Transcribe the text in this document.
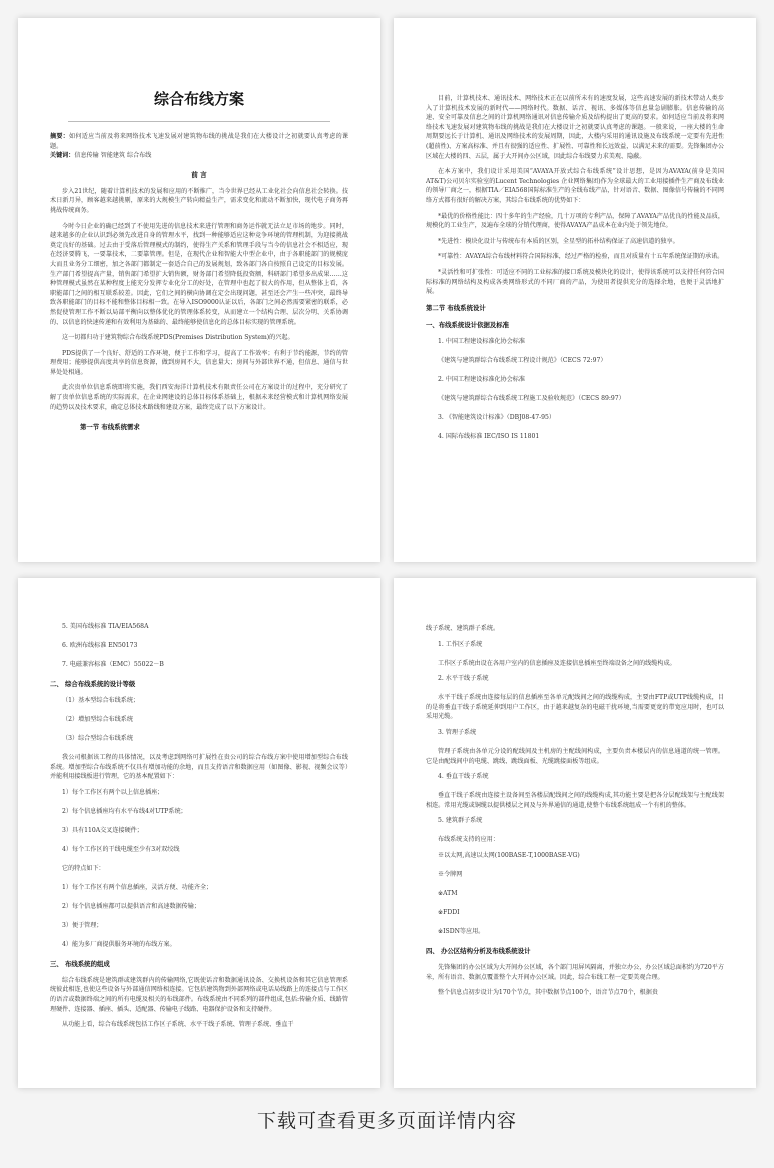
综合布线方案

摘要：如何适应当前及将来网络技术飞速发展对建筑物布线的挑战是我们在大楼设计之初就要认真考虑的课题。
关键词：信息传输 智能建筑 综合布线

前 言

步入21世纪，随着计算机技术的发展和应用的不断推广，当今世界已经从工业化社会向信息社会转换。技术日新月异，顾客越来越挑剔，原来的大规模生产转向精益生产，需求变化和流动不断加快，现代电子商务再挑战传统商务。

今时今日企业的确已经到了不使用先进的信息技术来进行管理和商务运作就无法立足市场的地步。同时，越来越多的企业认识到必须先改进自身的管理水平，找到一种能够适应这种竞争环境的管理机制，为迎接挑战奠定良好的基础。过去由于受落后管理模式的制约，使得生产关系和管理手段与当今的信息社会不相适应，现在经济要腾飞，一要靠技术，二要靠管理。但是，在现代企业和智能大中型企业中，由于各职能部门的规模庞大而且业务分工细密，加之各部门都制定一套适合自己的发展规划，致各部门各自按照自己设定的目标发展。生产部门希望提高产量，销售部门希望扩大销售额，财务部门希望降低投资额，科研部门希望多出成果……这种管理模式虽然在某种程度上能充分发挥专业化分工的好处，在管理中也起了很大的作用，但从整体上看，各职能部门之间的相互联系较差。因此，它们之间的横向协调在定会出现问题，甚至还会产生一些冲突，最终导致各职能部门的目标不能和整体目标相一致。在导入ISO9000认证以后，各部门之间必然需要紧密的联系，必然促使管理工作不断以局部平衡向以整体优化的管理体系转变，从而建立一个结构合理、层次分明、关系协调的、以信息的快速传递和有效利用为基础的、最终能够使信息化的总体目标实现的管理系统。

这一切都归功于建筑物综合布线系统PDS(Premises Distribution System)的兴起。

PDS提供了一个良好、舒适的工作环境，便于工作和学习，提高了工作效率；有利于节约能源，节约的管理费用；能够提供高度共享的信息资源，做到房间不大，信息量大；房间与外部世界不通，但信息、通信与世界处处相通。

此次贵单位信息系统即将实施，我们西安海洋计算机技术有限责任公司在方案设计的过程中，充分研究了解了贵单位信息系统的实际需求，在企业网建设的总体目标体系基础上，根据未来经营模式和计算机网络发展的趋势以及技术要求，确定总体技术路线和建设方案，最终完成了以下方案设计。

第一节 布线系统需求

目前，计算机技术、通讯技术、网络技术正在以前所未有的速度发展，这些高速发展的新技术带动人类步入了计算机技术发展的新时代——网络时代。数据、话音、视讯、多媒体等信息量急剧膨胀。信息传输的高速、安全可靠及信息之间的计算机网络通讯对信息传输介质及结构提出了更高的要求。如何适应当前及将来网络技术飞速发展对建筑物布线的挑战是我们在大楼设计之初就要认真考虑的课题。一般来说，一座大楼的生命周期要远长于计算机、通讯及网络技术的发展周期，因此，大楼内采用的通讯设施及布线系统一定要有先进性(超前性)、方案高标准、并且有很强的适应性、扩展性、可靠性和长远效益，以满足未来的需要。先锋集团办公区域在大楼的四、五层，属于大开间办公区域，因此综合布线要力求美观、隐蔽。

在本方案中，我们设计采用美国“AVAYA开放式综合布线系统”设计思想，是因为AVAYA(前身是美国AT&T)公司贝尔实验室的Lucent Technologies 企业网络集团)作为全球最大的工业用接插件生产商及布线业的领导厂商之一，根据TIA／EIA568国际标准生产的全线布线产品，针对语音、数据、图像信号传输的不同网络方式都有很好的解决方案，其综合布线系统的优势如下：

*最优的价格性能比：四十多年的生产经验，几十万项的专利产品，保障了AVAYA产品优良的性能及品质，规模化的工业生产，及遍布全球的分销代理商，使得AVAYA产品成本在业内处于领先地位。

*先进性：模块化设计与传统布有本质的区别，全星型的拓朴结构保证了高速信道的独享。

*可靠性：AVAYA综合布线材料符合国际标准，经过严格的检验，而且对质量有十五年系统保证期的承诺。

*灵活性和可扩张性：可适应不同的工业标准的接口系统及模块化的设计，使得该系统可以支持任何符合国际标准的网络结构及构成各类网络形式的不同厂商的产品，为使用者提供充分的选择余地，也便于灵活地扩展。

第二节 布线系统设计
一、布线系统设计依据及标准
1. 中国工程建设标准化协会标准
《建筑与建筑群综合布线系统工程设计规范》（CECS 72:97）
2. 中国工程建设标准化协会标准
《建筑与建筑群综合布线系统工程施工及验收规范》（CECS 89:97）
3. 《智能建筑设计标准》（DBJ08-47-95）
4. 国际布线标准 IEC/ISO IS 11801
5. 美国布线标准 TIA/EIA568A
6. 欧洲布线标准 EN50173
7. 电磁兼容标准（EMC）55022－B
二、 综合布线系统的设计等级
（1）基本型综合布线系统；
（2）增加型综合布线系统
（3）综合型综合布线系统

我公司根据该工程的具体情况，以及考虑到网络可扩展性在贵公司的综合布线方案中使用增加型综合布线系统。增加型综合布线系统不仅具有增加功能的余地，而且支持语音和数据应用（如图像、影视、视频会议等）并能利用接线板进行管理，它的基本配置如下：

1）每个工作区有两个以上信息插座；
2）每个信息插座均有水平布线4对UTP系统；
3）具有110A交叉连接硬件；
4）每个工作区的干线电缆至少有3对双绞线
它的特点如下：
1）每个工作区有两个信息插座，灵活方便、功能齐全；
2）每个信息插座都可以提供语音和高速数据传输；
3）便于管理；
4）能为多厂商提供服务环境的布线方案。
三、 布线系统的组成

综合布线系统是建筑群或建筑群内的传输网络,它既使话音和数据通讯设备、交换机设备和其它信息管理系统彼此相连,也使这些设备与外部通信网络相连接。它包括建筑物到外部网络或电话局线路上的连接点与工作区的语音或数据终端之间的所有电缆及相关的布线部件。布线系统由不同系列的部件组成,包括:传输介质、线路管理硬件、连接器、插座、插头、适配器、传输电子线路、电器保护设备和支持硬件。

从功能上看，综合布线系统包括工作区子系统、水平干线子系统、管理子系统、垂直干

线子系统、建筑群子系统。

1. 工作区子系统

工作区子系统由设在各用户室内的信息插座及连接信息插座至终端设备之间的线缆构成。

2. 水平干线子系统

水平干线子系统由连接每层的信息插座至各单元配线间之间的线缆构成，主要由FTP或UTP线缆构成，目的是将垂直干线子系统延伸到用户工作区，由于越来越复杂的电磁干扰环境,当需要更宽的带宽应用时，也可以采用光缆。

3. 管理子系统

管理子系统由各单元分设的配线间及主机房的主配线间构成，主要负责本楼层内的信息通道的统一管理。它是由配线间中的电缆、跳线、跳线面板、光缆跳接面板等组成。

4. 垂直干线子系统

垂直干线子系统由连接主设备间至各楼层配线间之间的线缆构成,其功能主要是把各分层配线架与主配线架相连。常用光缆或铜缆以提供楼层之间及与外界通信的通道,使整个布线系统组成一个有机的整体。

5. 建筑群子系统

布线系统支持的应用：

※以太网,高速以太网(100BASE-T,1000BASE-VG)
※令牌网
※ATM
※FDDI
※ISDN等应用。
四、 办公区结构分析及布线系统设计

先锋集团的办公区域为大开间办公区域，各个部门用屏风隔离，并独立办公，办公区域总面积约为720平方米，所有语音、数据点覆盖整个大开间办公区域。因此，综合布线工程一定要美观合理。

整个信息点初步设计为170个节点，其中数据节点100个，语音节点70个，根据贵

下载可查看更多页面详情内容
